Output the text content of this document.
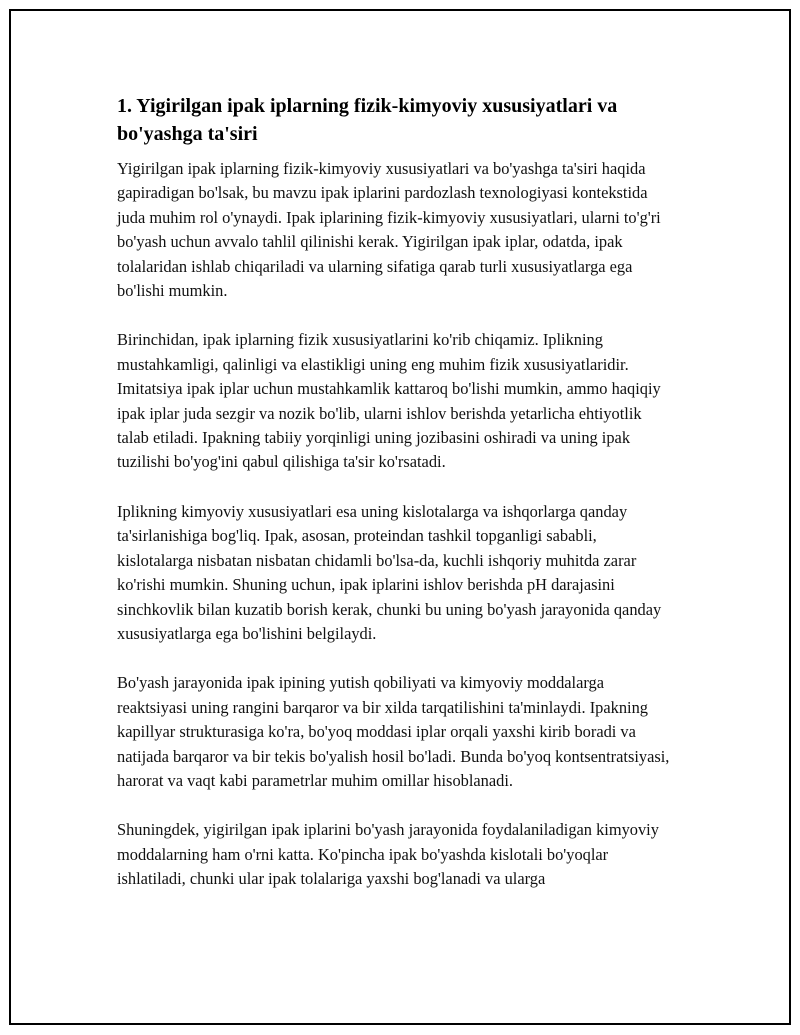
1. Yigirilgan ipak iplarning fizik-kimyoviy xususiyatlari va bo'yashga ta'siri

Yigirilgan ipak iplarning fizik-kimyoviy xususiyatlari va bo'yashga ta'siri haqida gapiradigan bo'lsak, bu mavzu ipak iplarini pardozlash texnologiyasi kontekstida juda muhim rol o'ynaydi. Ipak iplarining fizik-kimyoviy xususiyatlari, ularni to'g'ri bo'yash uchun avvalo tahlil qilinishi kerak. Yigirilgan ipak iplar, odatda, ipak tolalaridan ishlab chiqariladi va ularning sifatiga qarab turli xususiyatlarga ega bo'lishi mumkin.

Birinchidan, ipak iplarning fizik xususiyatlarini ko'rib chiqamiz. Iplikning mustahkamligi, qalinligi va elastikligi uning eng muhim fizik xususiyatlaridir. Imitatsiya ipak iplar uchun mustahkamlik kattaroq bo'lishi mumkin, ammo haqiqiy ipak iplar juda sezgir va nozik bo'lib, ularni ishlov berishda yetarlicha ehtiyotlik talab etiladi. Ipakning tabiiy yorqinligi uning jozibasini oshiradi va uning ipak tuzilishi bo'yog'ini qabul qilishiga ta'sir ko'rsatadi.

Iplikning kimyoviy xususiyatlari esa uning kislotalarga va ishqorlarga qanday ta'sirlanishiga bog'liq. Ipak, asosan, proteindan tashkil topganligi sababli, kislotalarga nisbatan nisbatan chidamli bo'lsa-da, kuchli ishqoriy muhitda zarar ko'rishi mumkin. Shuning uchun, ipak iplarini ishlov berishda pH darajasini sinchkovlik bilan kuzatib borish kerak, chunki bu uning bo'yash jarayonida qanday xususiyatlarga ega bo'lishini belgilaydi.

Bo'yash jarayonida ipak ipining yutish qobiliyati va kimyoviy moddalarga reaktsiyasi uning rangini barqaror va bir xilda tarqatilishini ta'minlaydi. Ipakning kapillyar strukturasiga ko'ra, bo'yoq moddasi iplar orqali yaxshi kirib boradi va natijada barqaror va bir tekis bo'yalish hosil bo'ladi. Bunda bo'yoq kontsentratsiyasi, harorat va vaqt kabi parametrlar muhim omillar hisoblanadi.

Shuningdek, yigirilgan ipak iplarini bo'yash jarayonida foydalaniladigan kimyoviy moddalarning ham o'rni katta. Ko'pincha ipak bo'yashda kislotali bo'yoqlar ishlatiladi, chunki ular ipak tolalariga yaxshi bog'lanadi va ularga
